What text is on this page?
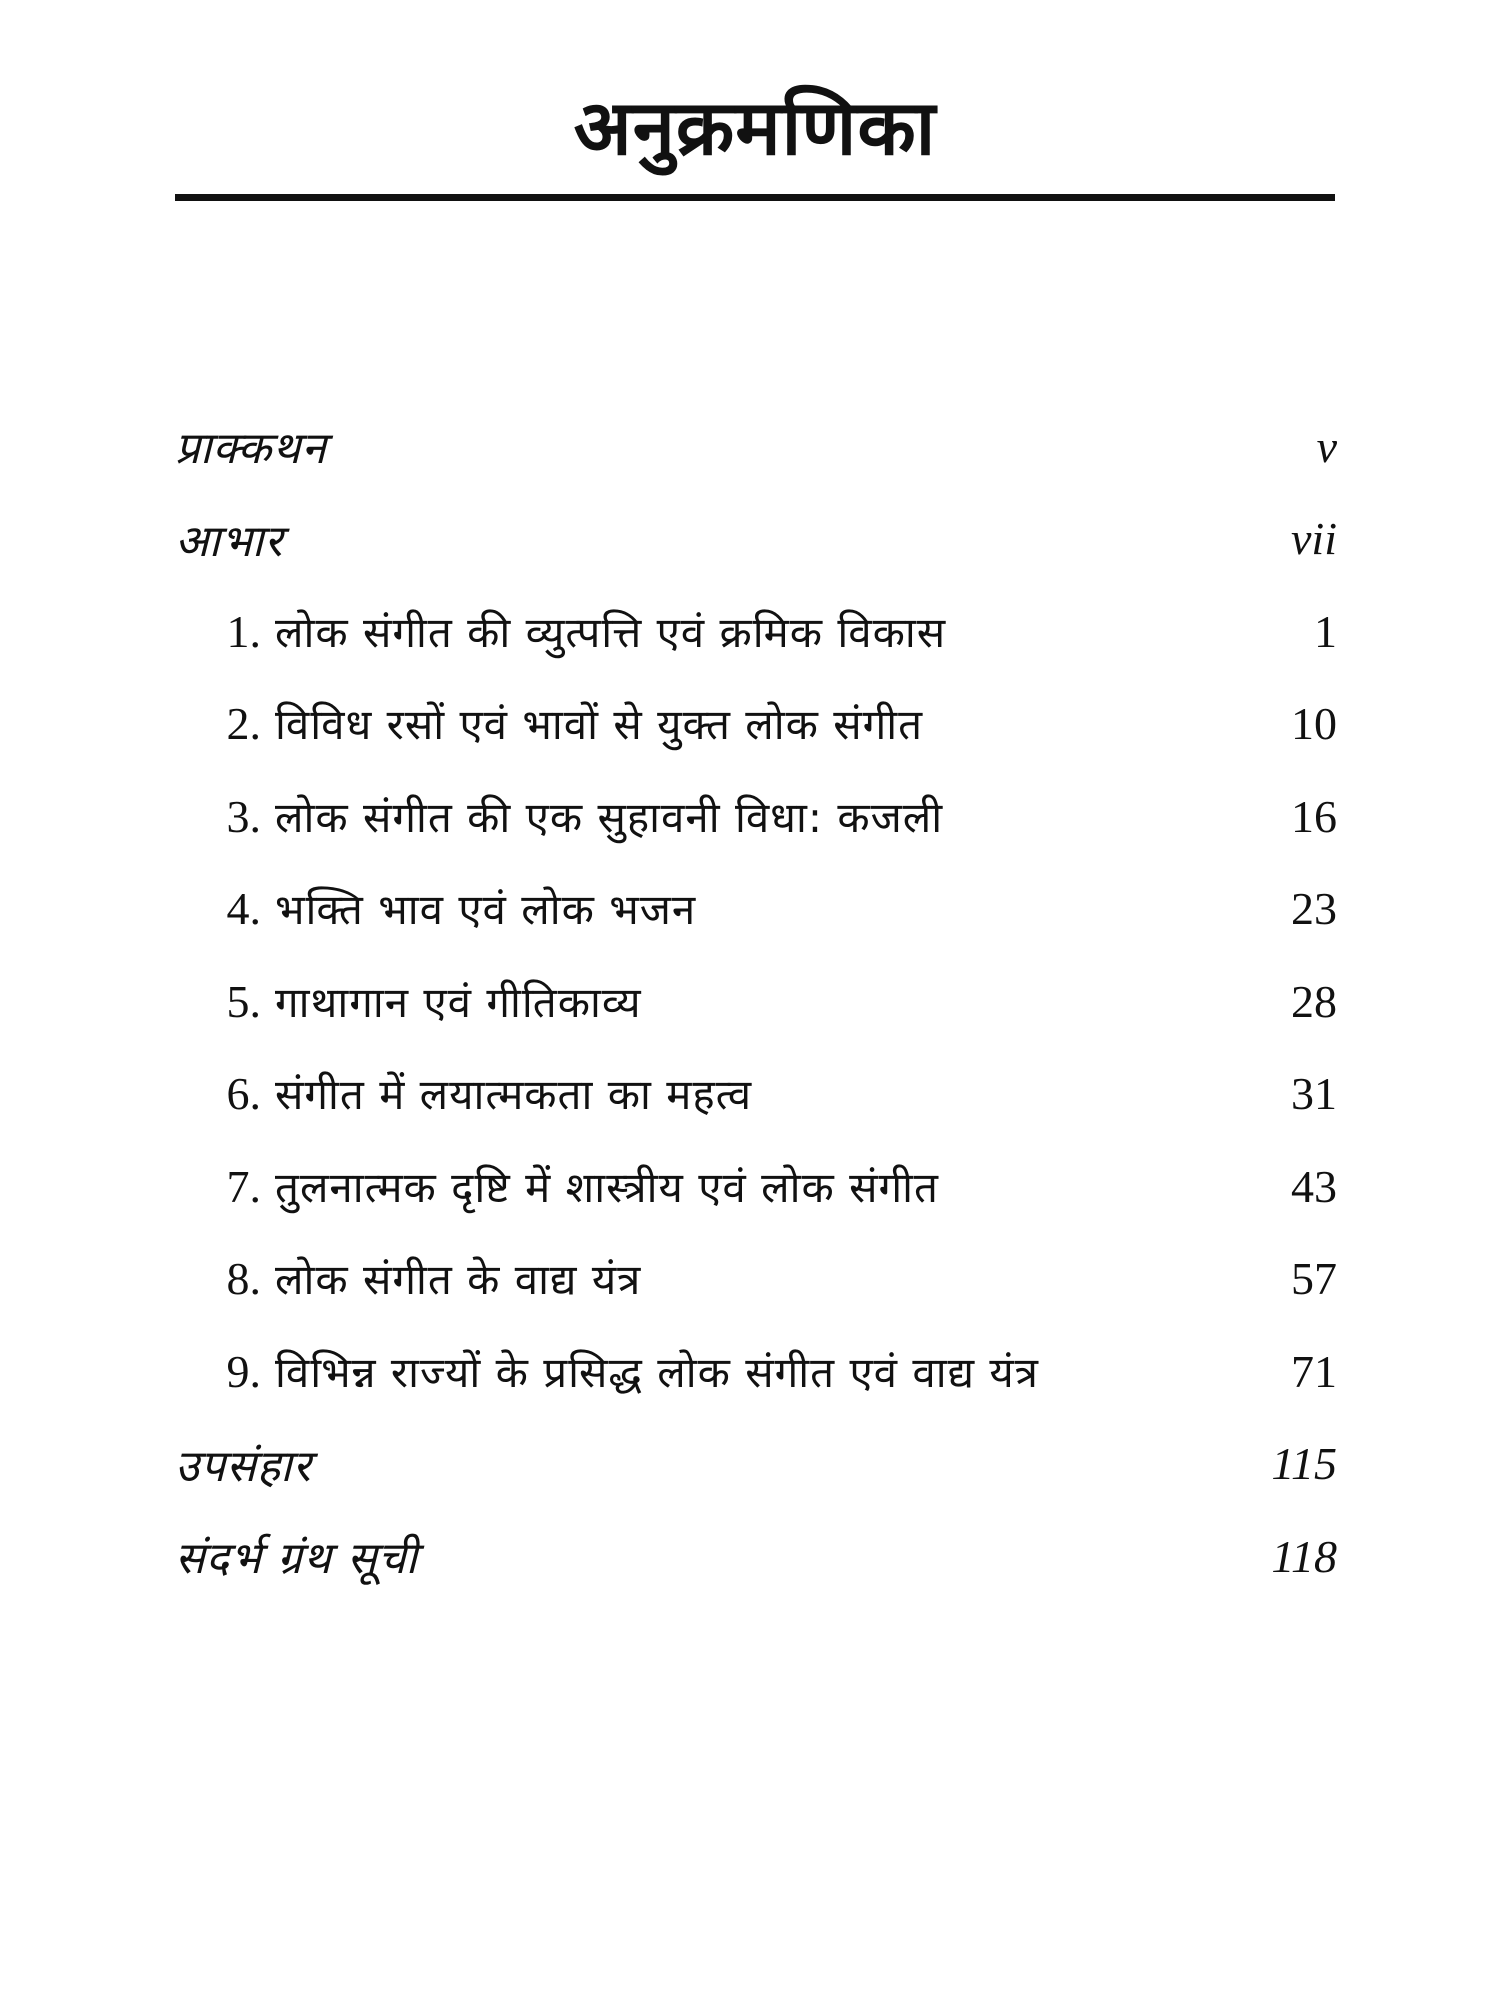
अनुक्रमणिका
प्राक्कथन	v
आभार	vii
1. लोक संगीत की व्युत्पत्ति एवं क्रमिक विकास	1
2. विविध रसों एवं भावों से युक्त लोक संगीत	10
3. लोक संगीत की एक सुहावनी विधा: कजली	16
4. भक्ति भाव एवं लोक भजन	23
5. गाथागान एवं गीतिकाव्य	28
6. संगीत में लयात्मकता का महत्व	31
7. तुलनात्मक दृष्टि में शास्त्रीय एवं लोक संगीत	43
8. लोक संगीत के वाद्य यंत्र	57
9. विभिन्न राज्यों के प्रसिद्ध लोक संगीत एवं वाद्य यंत्र	71
उपसंहार	115
संदर्भ ग्रंथ सूची	118
